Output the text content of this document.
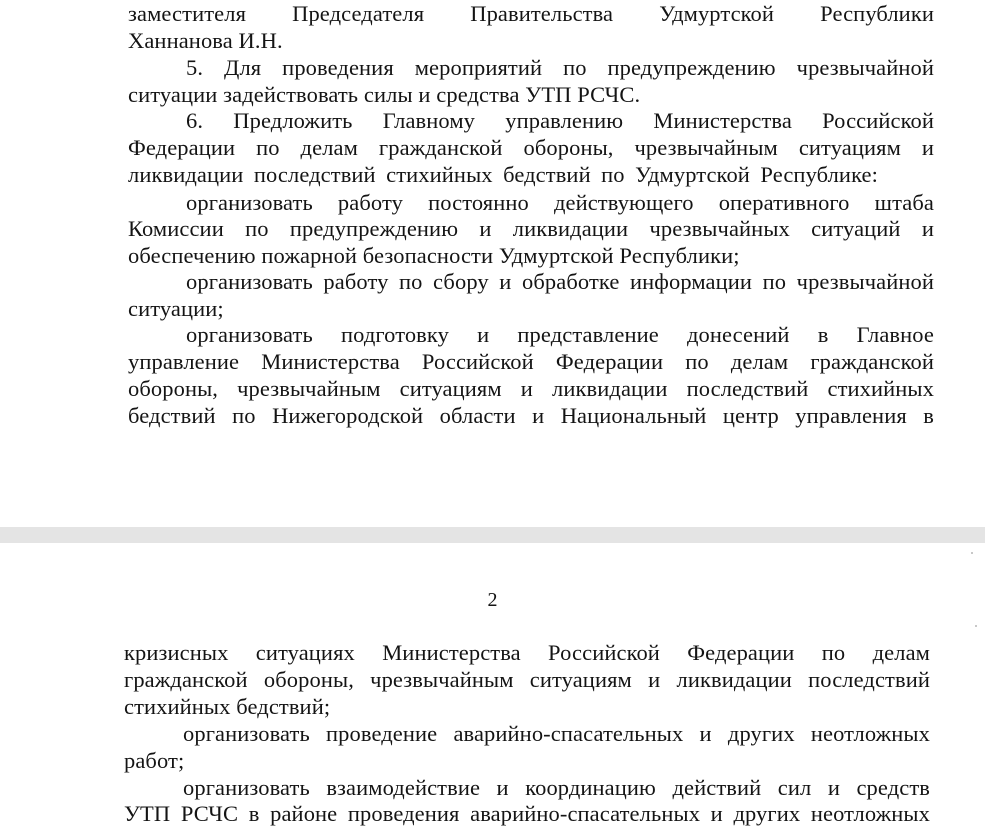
заместителя Председателя Правительства Удмуртской Республики

Ханнанова И.Н.

5. Для проведения мероприятий по предупреждению чрезвычайной

ситуации задействовать силы и средства УТП РСЧС.

6. Предложить Главному управлению Министерства Российской

Федерации по делам гражданской обороны, чрезвычайным ситуациям и

ликвидации последствий стихийных бедствий по Удмуртской Республике:

организовать работу постоянно действующего оперативного штаба

Комиссии по предупреждению и ликвидации чрезвычайных ситуаций и

обеспечению пожарной безопасности Удмуртской Республики;

организовать работу по сбору и обработке информации по чрезвычайной

ситуации;

организовать подготовку и представление донесений в Главное

управление Министерства Российской Федерации по делам гражданской

обороны, чрезвычайным ситуациям и ликвидации последствий стихийных

бедствий по Нижегородской области и Национальный центр управления в

2

кризисных ситуациях Министерства Российской Федерации по делам

гражданской обороны, чрезвычайным ситуациям и ликвидации последствий

стихийных бедствий;

организовать проведение аварийно-спасательных и других неотложных

работ;

организовать взаимодействие и координацию действий сил и средств

УТП РСЧС в районе проведения аварийно-спасательных и других неотложных
